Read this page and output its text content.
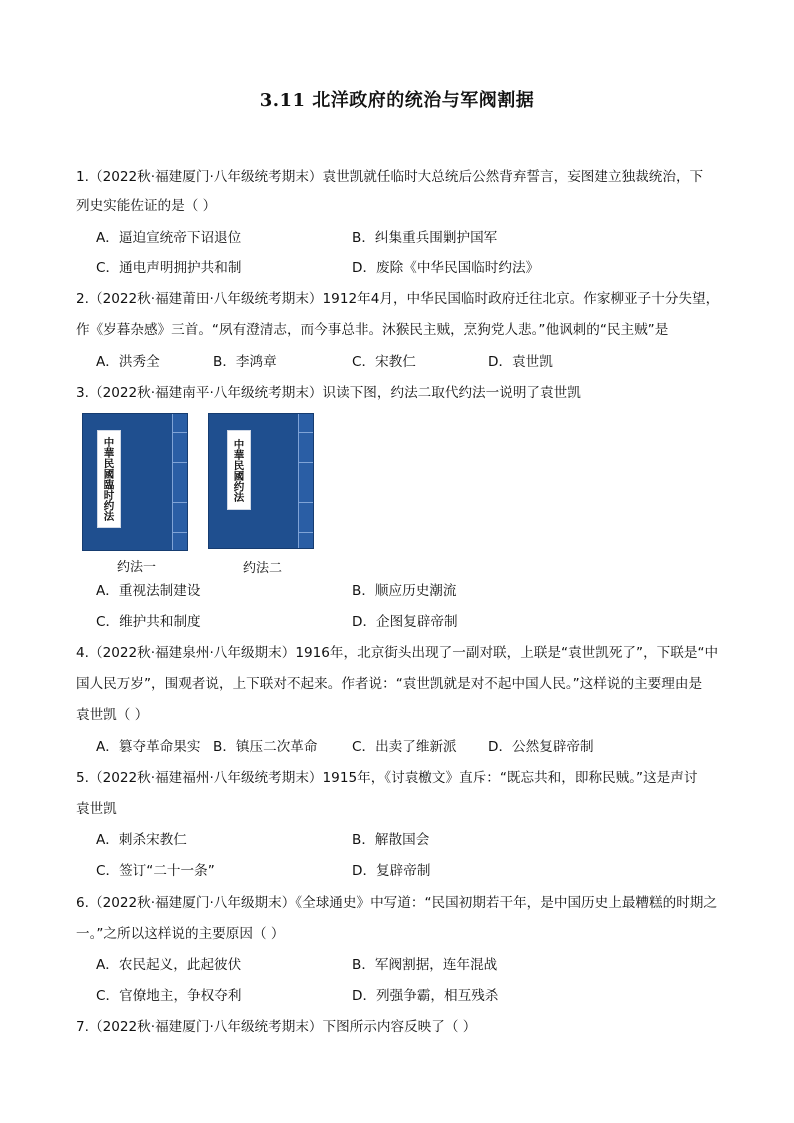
3.11 北洋政府的统治与军阀割据
1.（2022秋·福建厦门·八年级统考期末）袁世凯就任临时大总统后公然背弃誓言，妄图建立独裁统治，下
列史实能佐证的是（ ）
A．逼迫宣统帝下诏退位	B．纠集重兵围剿护国军
C．通电声明拥护共和制	D．废除《中华民国临时约法》
2.（2022秋·福建莆田·八年级统考期末）1912年4月，中华民国临时政府迁往北京。作家柳亚子十分失望，
作《岁暮杂感》三首。“夙有澄清志，而今事总非。沐猴民主贼，烹狗党人悲。”他讽刺的“民主贼”是
A．洪秀全	B．李鸿章	C．宋教仁	D．袁世凯
3.（2022秋·福建南平·八年级统考期末）识读下图，约法二取代约法一说明了袁世凯
中華民國臨时约法
约法一
中華民國约法
约法二
A．重视法制建设	B．顺应历史潮流
C．维护共和制度	D．企图复辟帝制
4.（2022秋·福建泉州·八年级期末）1916年，北京街头出现了一副对联，上联是“袁世凯死了”，下联是“中
国人民万岁”，围观者说，上下联对不起来。作者说：“袁世凯就是对不起中国人民。”这样说的主要理由是
袁世凯（ ）
A．篡夺革命果实 B．镇压二次革命	C．出卖了维新派 D．公然复辟帝制
5.（2022秋·福建福州·八年级统考期末）1915年，《讨袁檄文》直斥：“既忘共和，即称民贼。”这是声讨
袁世凯
A．刺杀宋教仁	B．解散国会
C．签订“二十一条”	D．复辟帝制
6.（2022秋·福建厦门·八年级期末）《全球通史》中写道：“民国初期若干年，是中国历史上最糟糕的时期之
一。”之所以这样说的主要原因（ ）
A．农民起义，此起彼伏	B．军阀割据，连年混战
C．官僚地主，争权夺利	D．列强争霸，相互残杀
7.（2022秋·福建厦门·八年级统考期末）下图所示内容反映了（ ）
